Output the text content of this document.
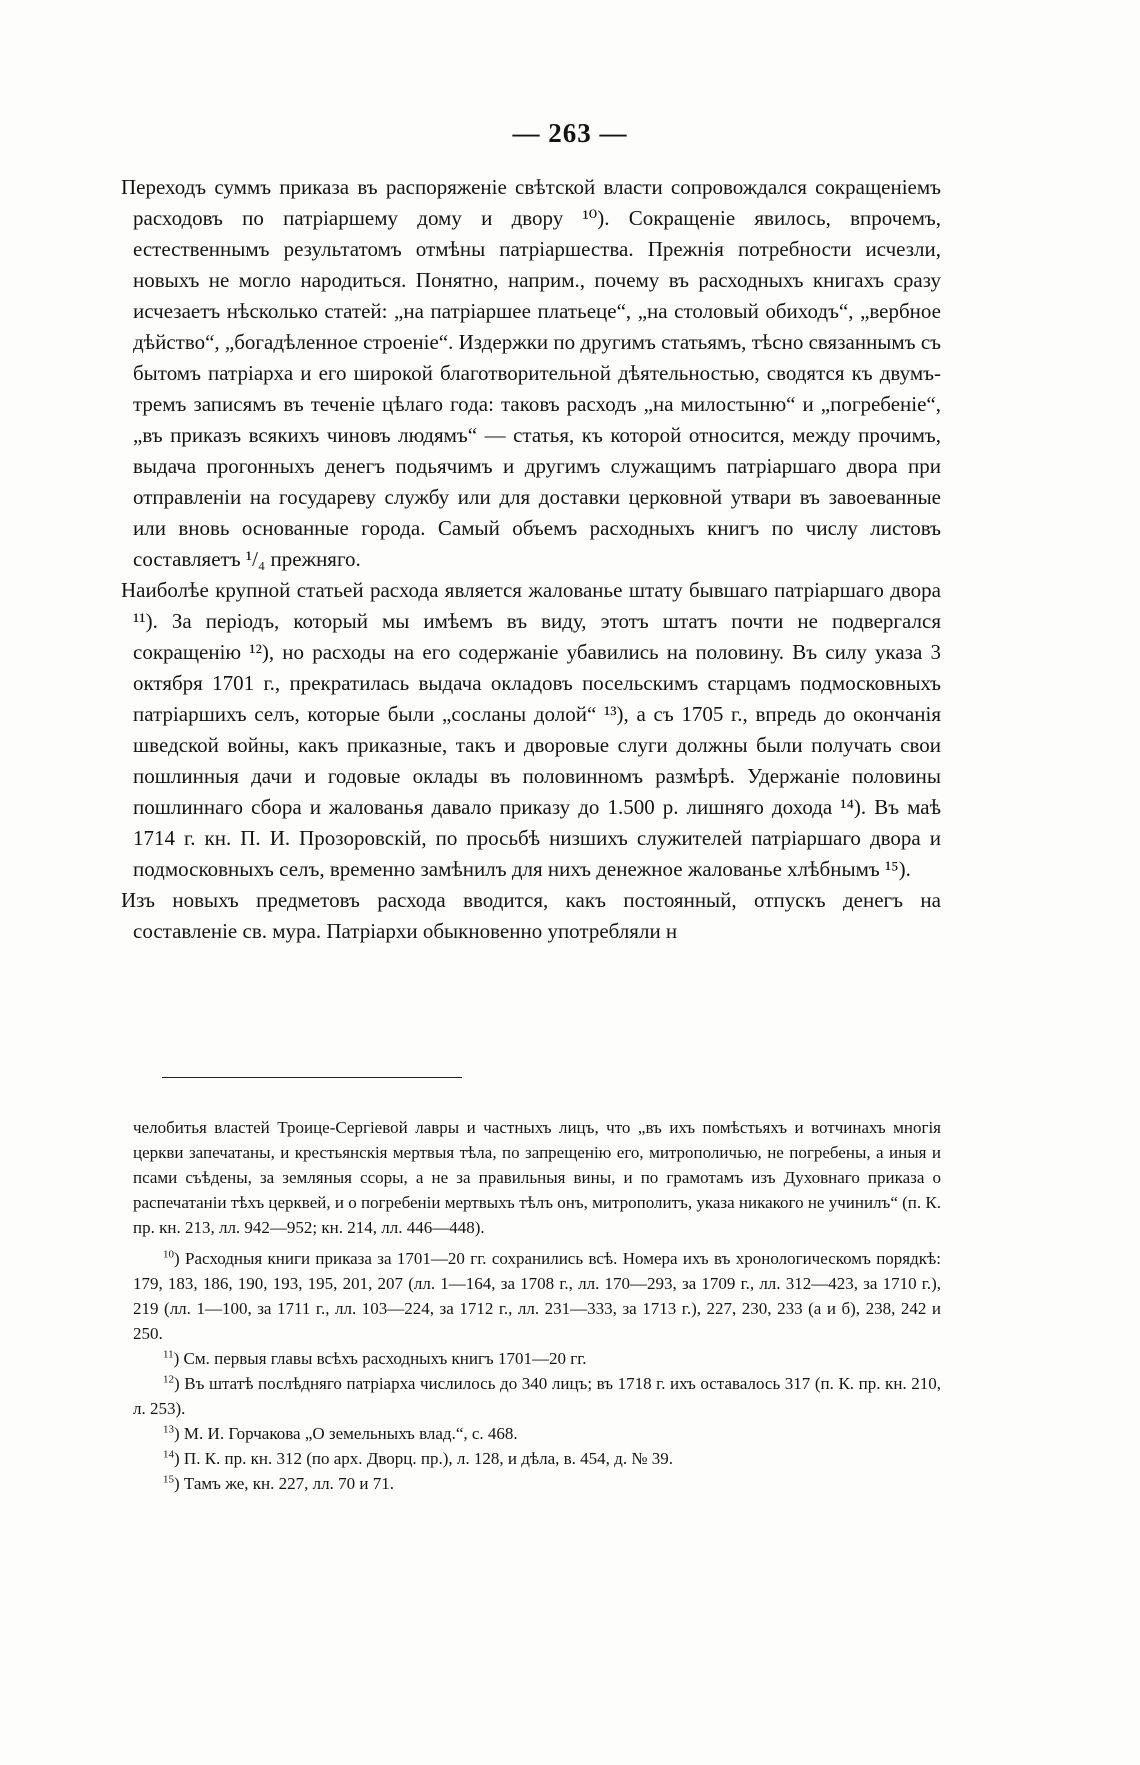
— 263 —

Переходъ суммъ приказа въ распоряженіе свѣтской власти сопровождался сокращеніемъ расходовъ по патріаршему дому и двору ¹⁰). Сокращеніе явилось, впрочемъ, естественнымъ результатомъ отмѣны патріаршества. Прежнія потребности исчезли, новыхъ не могло народиться. Понятно, наприм., почему въ расходныхъ книгахъ сразу исчезаетъ нѣсколько статей: „на патріаршее платьеце“, „на столовый обиходъ“, „вербное дѣйство“, „богадѣленное строеніе“. Издержки по другимъ статьямъ, тѣсно связаннымъ съ бытомъ патріарха и его широкой благотворительной дѣятельностью, сводятся къ двумъ-тремъ записямъ въ теченіе цѣлаго года: таковъ расходъ „на милостыню“ и „погребеніе“, „въ приказъ всякихъ чиновъ людямъ“ — статья, къ которой относится, между прочимъ, выдача прогонныхъ денегъ подьячимъ и другимъ служащимъ патріаршаго двора при отправленіи на государеву службу или для доставки церковной утвари въ завоеванные или вновь основанные города. Самый объемъ расходныхъ книгъ по числу листовъ составляетъ ¹/₄ прежняго.

Наиболѣе крупной статьей расхода является жалованье штату бывшаго патріаршаго двора ¹¹). За періодъ, который мы имѣемъ въ виду, этотъ штатъ почти не подвергался сокращенію ¹²), но расходы на его содержаніе убавились на половину. Въ силу указа 3 октября 1701 г., прекратилась выдача окладовъ посельскимъ старцамъ подмосковныхъ патріаршихъ селъ, которые были „сосланы долой“ ¹³), а съ 1705 г., впредь до окончанія шведской войны, какъ приказные, такъ и дворовые слуги должны были получать свои пошлинныя дачи и годовые оклады въ половинномъ размѣрѣ. Удержаніе половины пошлиннаго сбора и жалованья давало приказу до 1.500 р. лишняго дохода ¹⁴). Въ маѣ 1714 г. кн. П. И. Прозоровскій, по просьбѣ низшихъ служителей патріаршаго двора и подмосковныхъ селъ, временно замѣнилъ для нихъ денежное жалованье хлѣбнымъ ¹⁵).

Изъ новыхъ предметовъ расхода вводится, какъ постоянный, отпускъ денегъ на составленіе св. мура. Патріархи обыкновенно употребляли н

челобитья властей Троице-Сергіевой лавры и частныхъ лицъ, что „въ ихъ помѣстьяхъ и вотчинахъ многія церкви запечатаны, и крестьянскія мертвыя тѣла, по запрещенію его, митрополичью, не погребены, а иныя и псами съѣдены, за земляныя ссоры, а не за правильныя вины, и по грамотамъ изъ Духовнаго приказа о распечатаніи тѣхъ церквей, и о погребеніи мертвыхъ тѣлъ онъ, митрополитъ, указа никакого не учинилъ“ (п. К. пр. кн. 213, лл. 942—952; кн. 214, лл. 446—448).

$^{10}$) Расходныя книги приказа за 1701—20 гг. сохранились всѣ. Номера ихъ въ хронологическомъ порядкѣ: 179, 183, 186, 190, 193, 195, 201, 207 (лл. 1—164, за 1708 г., лл. 170—293, за 1709 г., лл. 312—423, за 1710 г.), 219 (лл. 1—100, за 1711 г., лл. 103—224, за 1712 г., лл. 231—333, за 1713 г.), 227, 230, 233 (а и б), 238, 242 и 250.

$^{11}$) См. первыя главы всѣхъ расходныхъ книгъ 1701—20 гг.

$^{12}$) Въ штатѣ послѣдняго патріарха числилось до 340 лицъ; въ 1718 г. ихъ оставалось 317 (п. К. пр. кн. 210, л. 253).

$^{13}$) М. И. Горчакова „О земельныхъ влад.“, с. 468.

$^{14}$) П. К. пр. кн. 312 (по арх. Дворц. пр.), л. 128, и дѣла, в. 454, д. № 39.

$^{15}$) Тамъ же, кн. 227, лл. 70 и 71.
